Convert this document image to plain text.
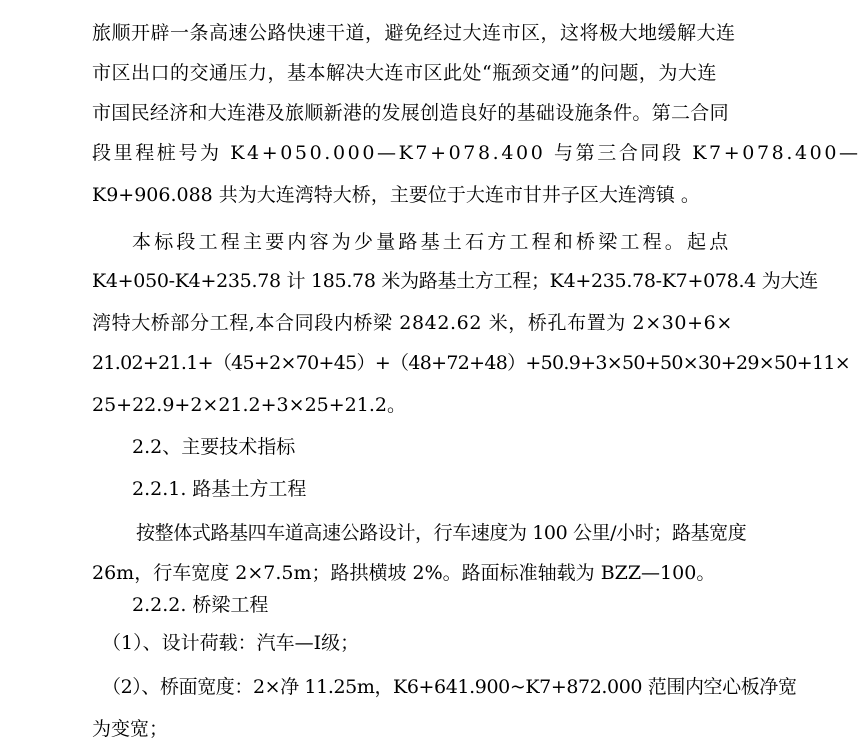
旅顺开辟一条高速公路快速干道，避免经过大连市区，这将极大地缓解大连
市区出口的交通压力，基本解决大连市区此处“瓶颈交通”的问题，为大连
市国民经济和大连港及旅顺新港的发展创造良好的基础设施条件。第二合同
段里程桩号为 K4+050.000—K7+078.400 与第三合同段 K7+078.400—
K9+906.088 共为大连湾特大桥，主要位于大连市甘井子区大连湾镇 。
本标段工程主要内容为少量路基土石方工程和桥梁工程。起点
K4+050-K4+235.78 计 185.78 米为路基土方工程；K4+235.78-K7+078.4 为大连
湾特大桥部分工程,本合同段内桥梁 2842.62 米，桥孔布置为 2×30+6×
21.02+21.1+（45+2×70+45）+（48+72+48）+50.9+3×50+50×30+29×50+11×
25+22.9+2×21.2+3×25+21.2。
2.2、主要技术指标
2.2.1. 路基土方工程
按整体式路基四车道高速公路设计，行车速度为 100 公里/小时；路基宽度
26m，行车宽度 2×7.5m；路拱横坡 2%。路面标准轴载为 BZZ—100。
2.2.2. 桥梁工程
（1）、设计荷载：汽车—Ⅰ级；
（2）、桥面宽度：2×净 11.25m，K6+641.900~K7+872.000 范围内空心板净宽
为变宽；
